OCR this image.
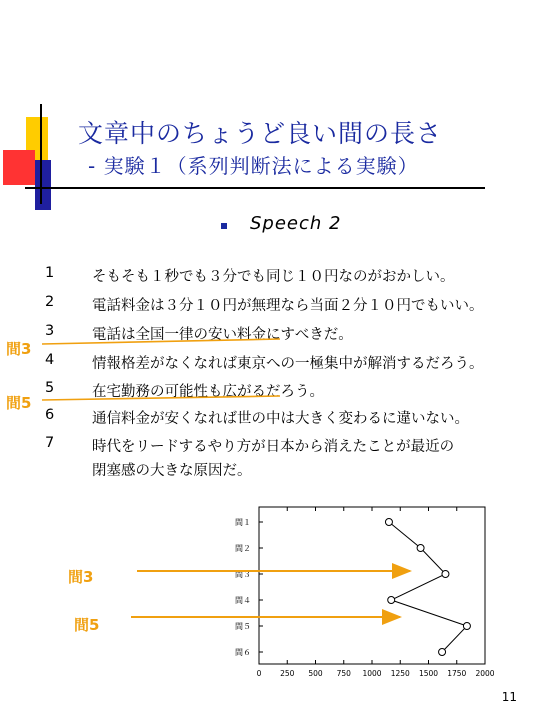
文章中のちょうど良い間の長さ
- 実験１（系列判断法による実験）
Speech 2
1	そもそも１秒でも３分でも同じ１０円なのがおかしい。
2	電話料金は３分１０円が無理なら当面２分１０円でもいい。
3	電話は全国一律の安い料金にすべきだ。
4	情報格差がなくなれば東京への一極集中が解消するだろう。
5	在宅勤務の可能性も広がるだろう。
6	通信料金が安くなれば世の中は大きく変わるに違いない。
7	時代をリードするやり方が日本から消えたことが最近の
閉塞感の大きな原因だ。
間3
間5
間3
間5
間１
間２
間３
間４
間５
間６
0 250 500 750 1000 1250 1500 1750 2000
11
